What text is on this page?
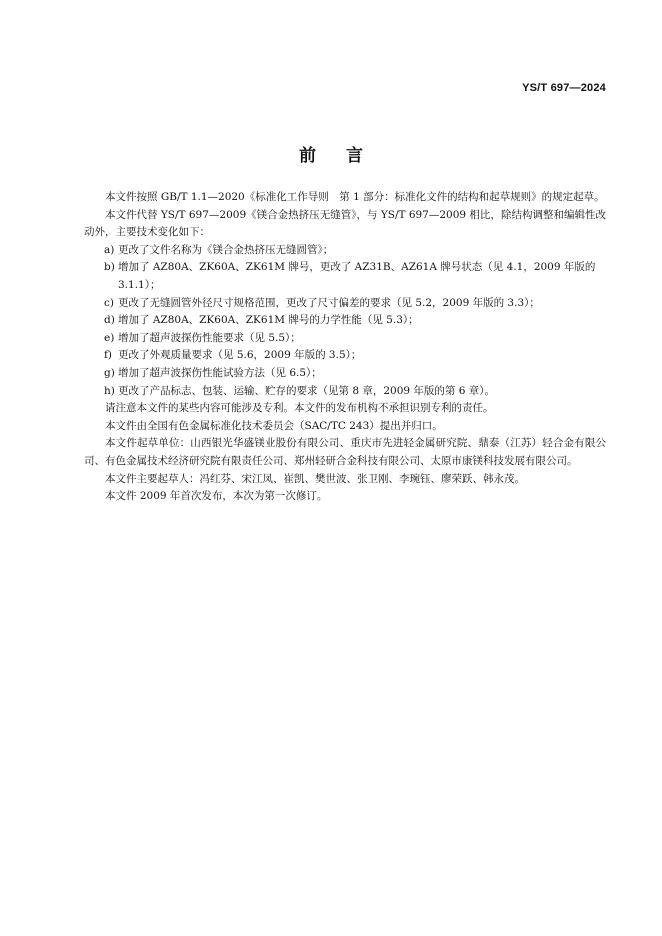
YS/T 697—2024
前言

本文件按照 GB/T 1.1—2020《标准化工作导则　第 1 部分：标准化文件的结构和起草规则》的规定起草。

本文件代替 YS/T 697—2009《镁合金热挤压无缝管》，与 YS/T 697—2009 相比，除结构调整和编辑性改动外，主要技术变化如下：

a) 更改了文件名称为《镁合金热挤压无缝圆管》；
b) 增加了 AZ80A、ZK60A、ZK61M 牌号，更改了 AZ31B、AZ61A 牌号状态（见 4.1，2009 年版的 3.1.1）；
c) 更改了无缝圆管外径尺寸规格范围，更改了尺寸偏差的要求（见 5.2，2009 年版的 3.3）；
d) 增加了 AZ80A、ZK60A、ZK61M 牌号的力学性能（见 5.3）；
e) 增加了超声波探伤性能要求（见 5.5）；
f) 更改了外观质量要求（见 5.6，2009 年版的 3.5）；
g) 增加了超声波探伤性能试验方法（见 6.5）；
h) 更改了产品标志、包装、运输、贮存的要求（见第 8 章，2009 年版的第 6 章）。

请注意本文件的某些内容可能涉及专利。本文件的发布机构不承担识别专利的责任。

本文件由全国有色金属标准化技术委员会（SAC/TC 243）提出并归口。

本文件起草单位：山西银光华盛镁业股份有限公司、重庆市先进轻金属研究院、鼎泰（江苏）轻合金有限公司、有色金属技术经济研究院有限责任公司、郑州轻研合金科技有限公司、太原市康镁科技发展有限公司。

本文件主要起草人：冯红芬、宋江凤、崔凯、樊世波、张卫刚、李琬钰、廖荣跃、韩永茂。

本文件 2009 年首次发布，本次为第一次修订。
